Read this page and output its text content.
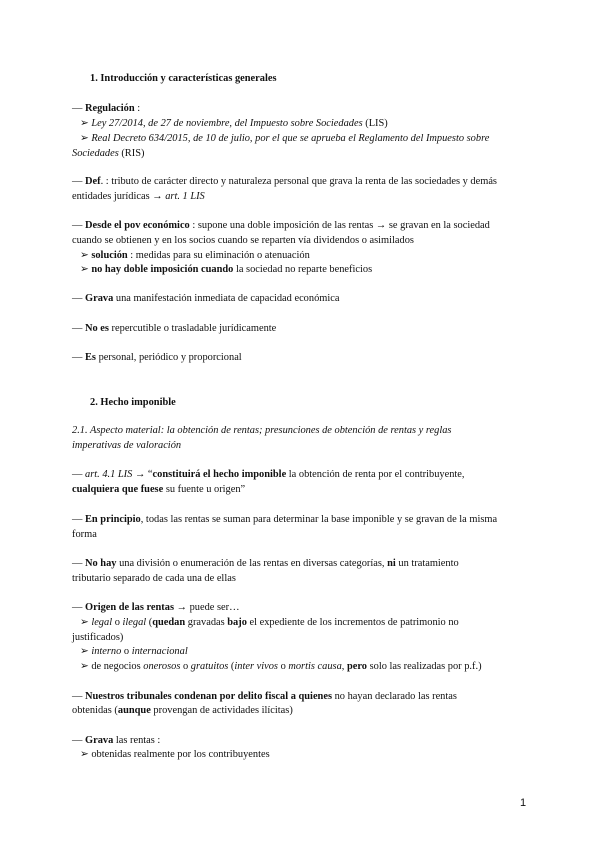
1. Introducción y características generales
— Regulación :
➢ Ley 27/2014, de 27 de noviembre, del Impuesto sobre Sociedades (LIS)
➢ Real Decreto 634/2015, de 10 de julio, por el que se aprueba el Reglamento del Impuesto sobre
Sociedades (RIS)
— Def. : tributo de carácter directo y naturaleza personal que grava la renta de las sociedades y demás
entidades jurídicas → art. 1 LIS
— Desde el pov económico : supone una doble imposición de las rentas → se gravan en la sociedad
cuando se obtienen y en los socios cuando se reparten vía dividendos o asimilados
➢ solución : medidas para su eliminación o atenuación
➢ no hay doble imposición cuando la sociedad no reparte beneficios
— Grava una manifestación inmediata de capacidad económica
— No es repercutible o trasladable jurídicamente
— Es personal, periódico y proporcional
2. Hecho imponible
2.1. Aspecto material: la obtención de rentas; presunciones de obtención de rentas y reglas
imperativas de valoración
— art. 4.1 LIS → “constituirá el hecho imponible la obtención de renta por el contribuyente,
cualquiera que fuese su fuente u origen”
— En principio, todas las rentas se suman para determinar la base imponible y se gravan de la misma
forma
— No hay una división o enumeración de las rentas en diversas categorías, ni un tratamiento
tributario separado de cada una de ellas
— Origen de las rentas → puede ser…
➢ legal o ilegal (quedan gravadas bajo el expediente de los incrementos de patrimonio no
justificados)
➢ interno o internacional
➢ de negocios onerosos o gratuitos (inter vivos o mortis causa, pero solo las realizadas por p.f.)
— Nuestros tribunales condenan por delito fiscal a quienes no hayan declarado las rentas
obtenidas (aunque provengan de actividades ilícitas)
— Grava las rentas :
➢ obtenidas realmente por los contribuyentes
1
